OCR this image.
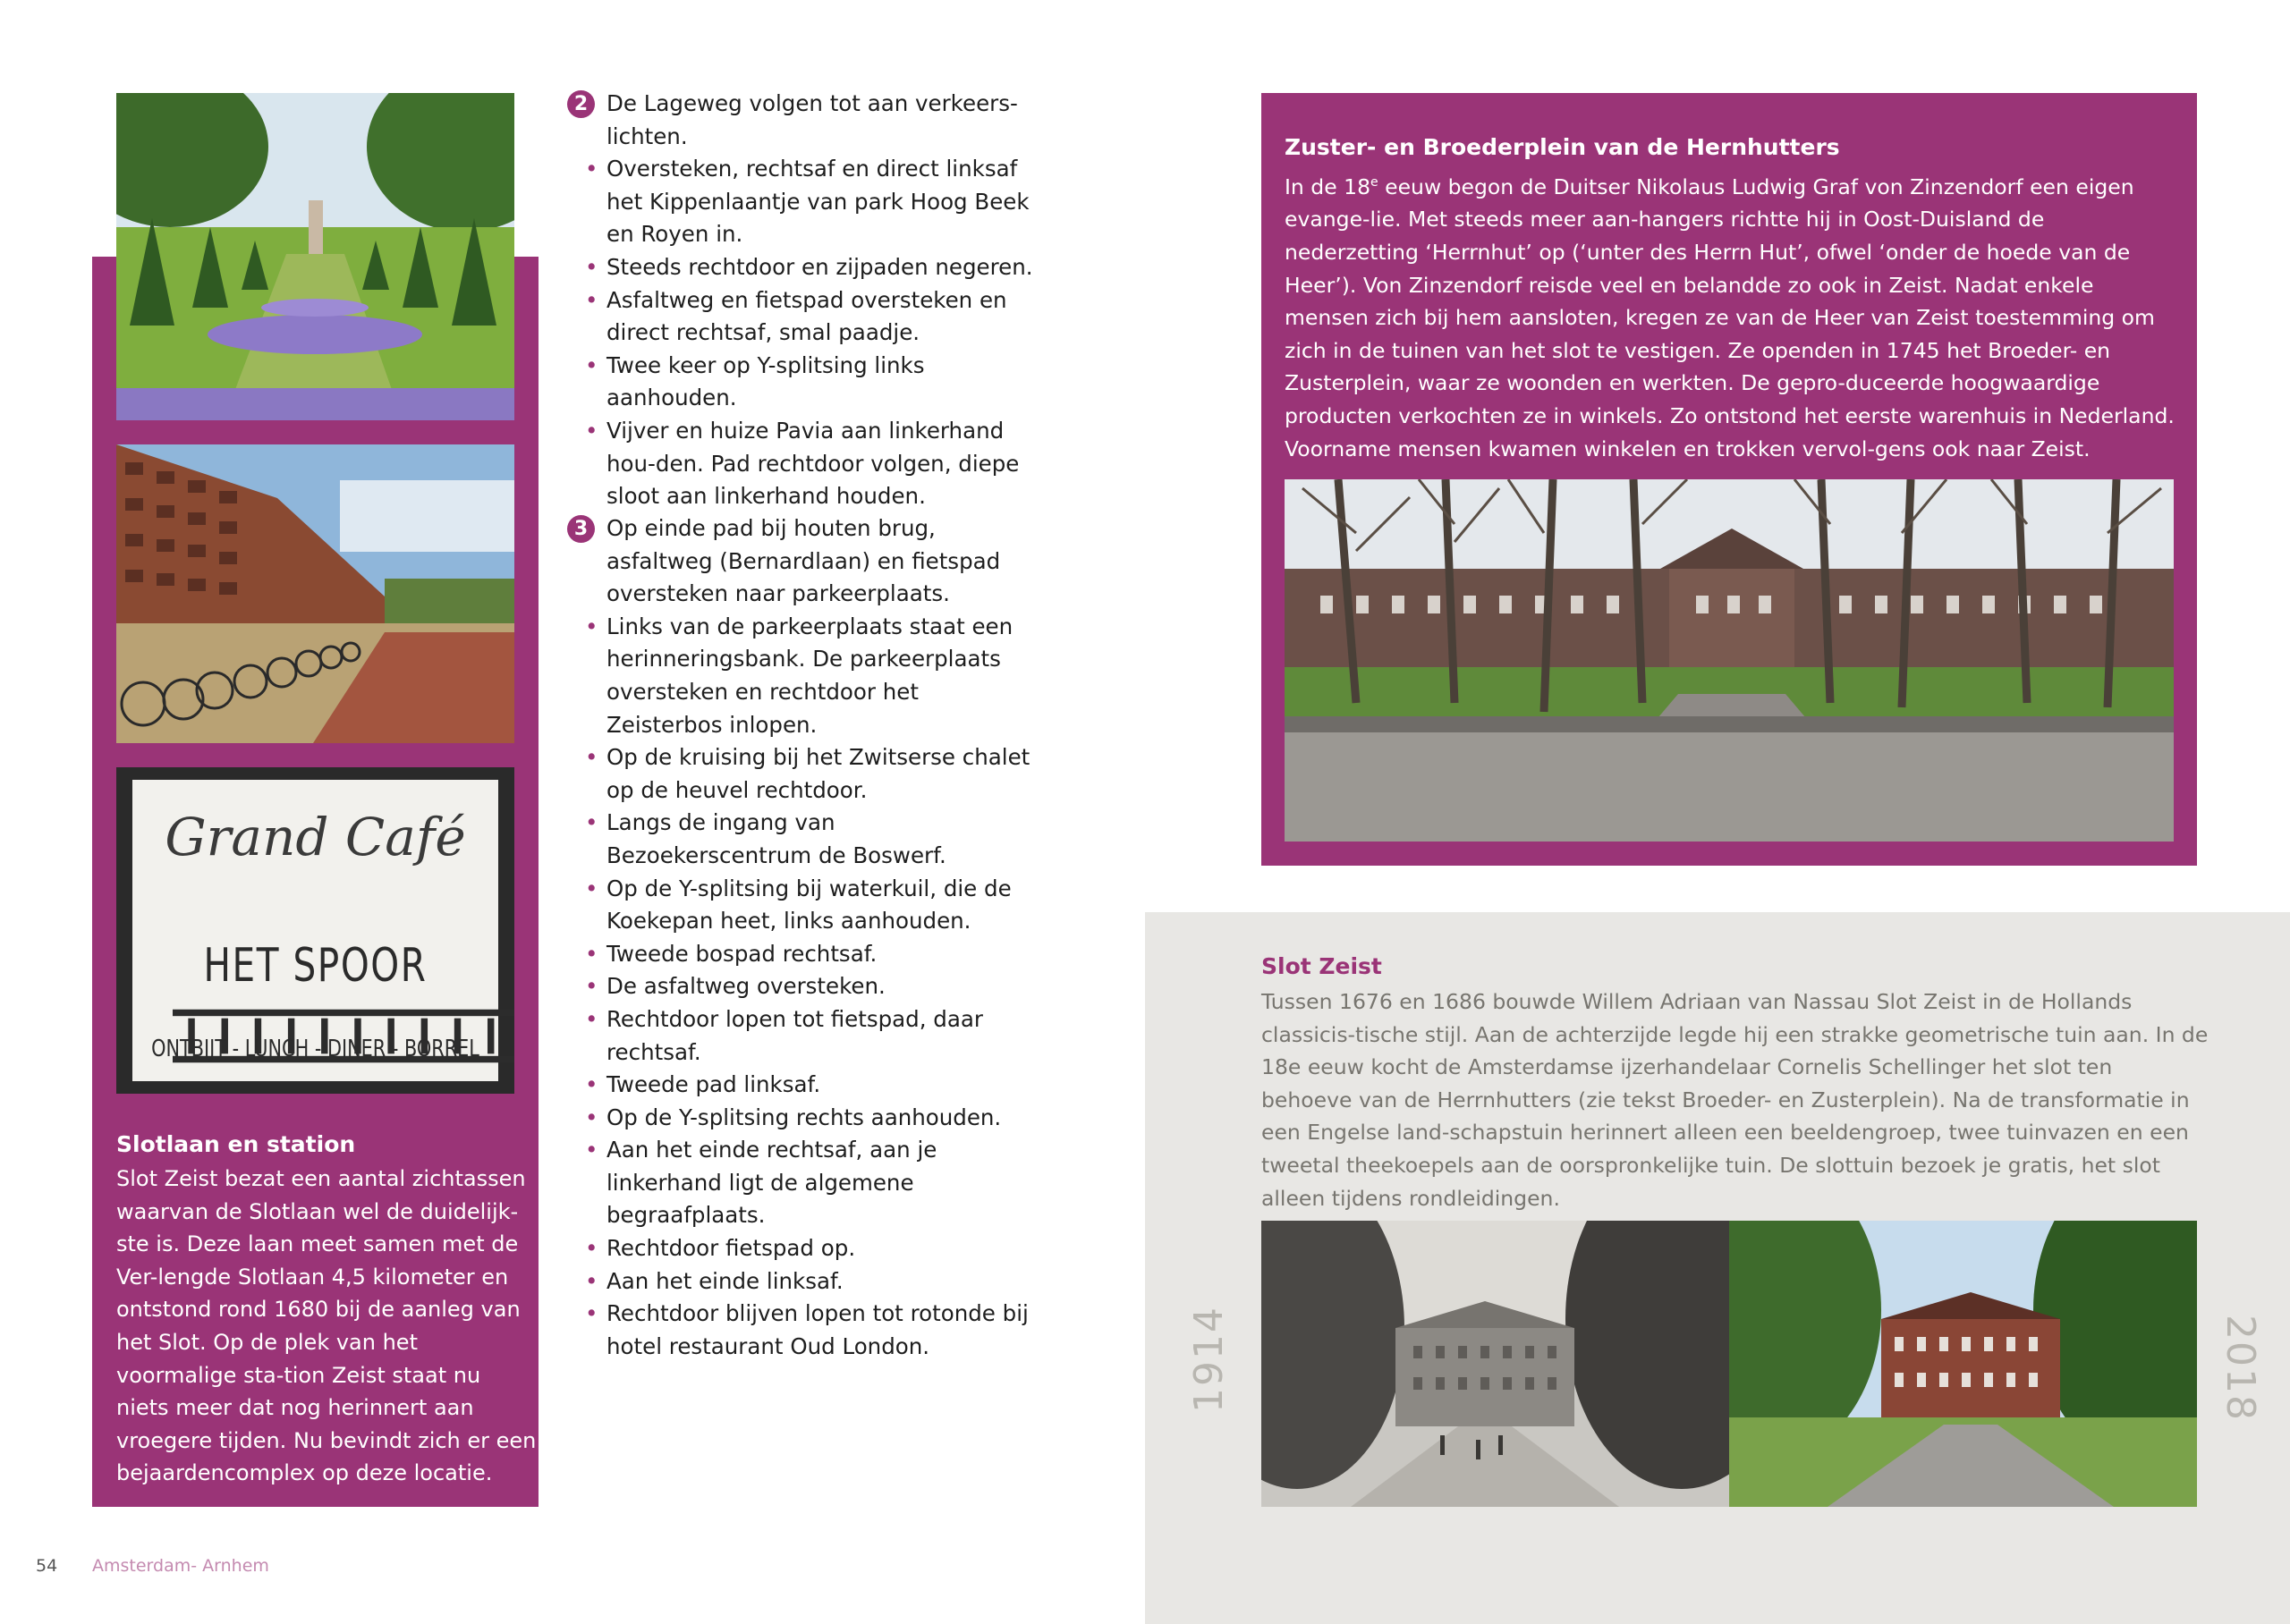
Grand Café
HET SPOOR
ONTBIJT - LUNCH - DINER - BORREL
Slotlaan en station

Slot Zeist bezat een aantal zichtassen waarvan de Slotlaan wel de duidelijk-ste is. Deze laan meet samen met de Ver-lengde Slotlaan 4,5 kilometer en ontstond rond 1680 bij de aanleg van het Slot. Op de plek van het voormalige sta-tion Zeist staat nu niets meer dat nog herinnert aan vroegere tijden. Nu bevindt zich er een bejaardencomplex op deze locatie.

2 De Lageweg volgen tot aan verkeers-lichten.
• Oversteken, rechtsaf en direct linksaf het Kippenlaantje van park Hoog Beek en Royen in.
• Steeds rechtdoor en zijpaden negeren.
• Asfaltweg en fietspad oversteken en direct rechtsaf, smal paadje.
• Twee keer op Y-splitsing links aanhouden.
• Vijver en huize Pavia aan linkerhand hou-den. Pad rechtdoor volgen, diepe sloot aan linkerhand houden.
3 Op einde pad bij houten brug, asfaltweg (Bernardlaan) en fietspad oversteken naar parkeerplaats.
• Links van de parkeerplaats staat een herinneringsbank. De parkeerplaats oversteken en rechtdoor het Zeisterbos inlopen.
• Op de kruising bij het Zwitserse chalet op de heuvel rechtdoor.
• Langs de ingang van Bezoekerscentrum de Boswerf.
• Op de Y-splitsing bij waterkuil, die de Koekepan heet, links aanhouden.
• Tweede bospad rechtsaf.
• De asfaltweg oversteken.
• Rechtdoor lopen tot fietspad, daar rechtsaf.
• Tweede pad linksaf.
• Op de Y-splitsing rechts aanhouden.
• Aan het einde rechtsaf, aan je linkerhand ligt de algemene begraafplaats.
• Rechtdoor fietspad op.
• Aan het einde linksaf.
• Rechtdoor blijven lopen tot rotonde bij hotel restaurant Oud London.
Zuster- en Broederplein van de Hernhutters

In de 18e eeuw begon de Duitser Nikolaus Ludwig Graf von Zinzendorf een eigen evange-lie. Met steeds meer aan-hangers richtte hij in Oost-Duisland de nederzetting ‘Herrnhut’ op (‘unter des Herrn Hut’, ofwel ‘onder de hoede van de Heer’). Von Zinzendorf reisde veel en belandde zo ook in Zeist. Nadat enkele mensen zich bij hem aansloten, kregen ze van de Heer van Zeist toestemming om zich in de tuinen van het slot te vestigen. Ze openden in 1745 het Broeder- en Zusterplein, waar ze woonden en werkten. De gepro-duceerde hoogwaardige producten verkochten ze in winkels. Zo ontstond het eerste warenhuis in Nederland. Voorname mensen kwamen winkelen en trokken vervol-gens ook naar Zeist.

Slot Zeist

Tussen 1676 en 1686 bouwde Willem Adriaan van Nassau Slot Zeist in de Hollands classicis-tische stijl. Aan de achterzijde legde hij een strakke geometrische tuin aan. In de 18e eeuw kocht de Amsterdamse ijzerhandelaar Cornelis Schellinger het slot ten behoeve van de Herrnhutters (zie tekst Broeder- en Zusterplein). Na de transformatie in een Engelse land-schapstuin herinnert alleen een beeldengroep, twee tuinvazen en een tweetal theekoepels aan de oorspronkelijke tuin. De slottuin bezoek je gratis, het slot alleen tijdens rondleidingen.

1914	2018
54 Amsterdam- Arnhem
